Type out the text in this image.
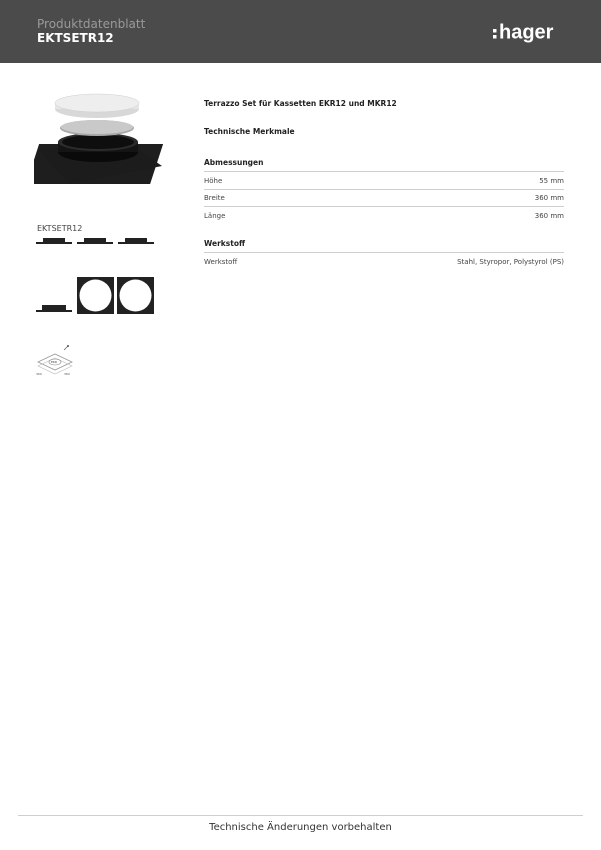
Produktdatenblatt
EKTSETR12	hager
EKTSETR12
EKR
360	360
Terrazzo Set für Kassetten EKR12 und MKR12
Technische Merkmale
Abmessungen
Höhe	55 mm
Breite	360 mm
Länge	360 mm
Werkstoff
Werkstoff	Stahl, Styropor, Polystyrol (PS)
Technische Änderungen vorbehalten
